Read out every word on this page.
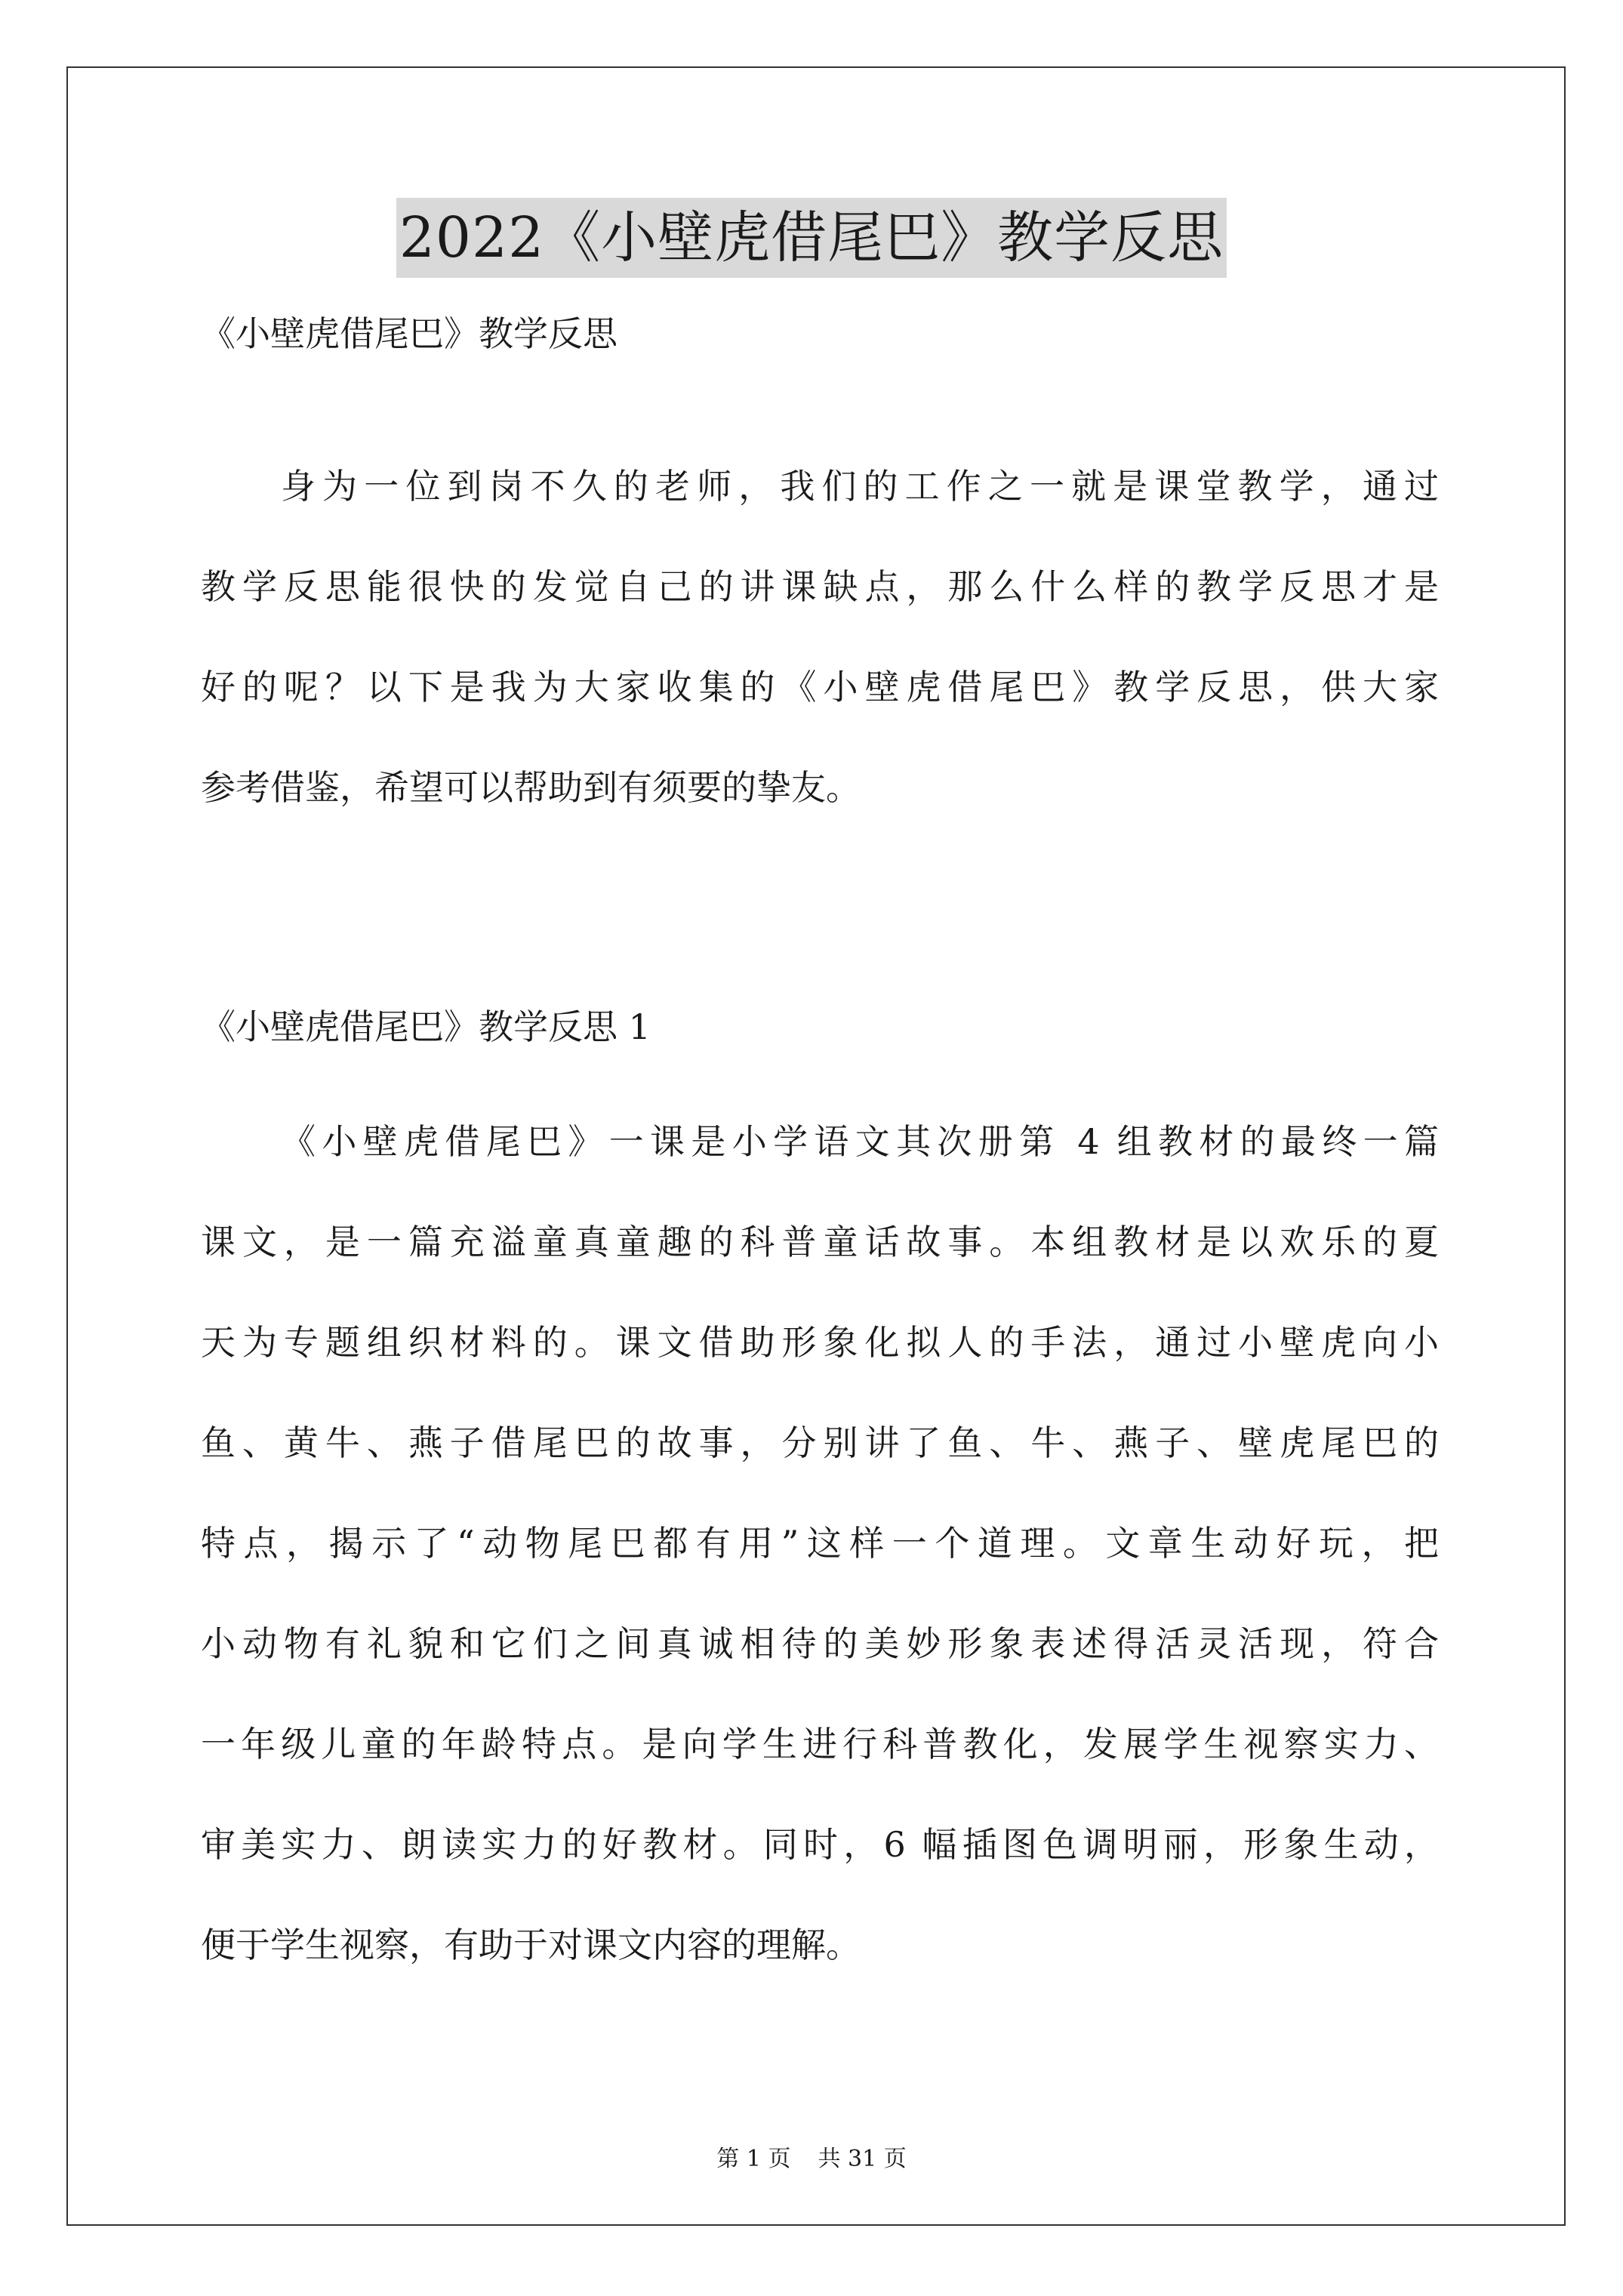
2022《小壁虎借尾巴》教学反思

《小壁虎借尾巴》教学反思

身为一位到岗不久的老师，我们的工作之一就是课堂教学，通过
教学反思能很快的发觉自己的讲课缺点，那么什么样的教学反思才是
好的呢？以下是我为大家收集的《小壁虎借尾巴》教学反思，供大家
参考借鉴，希望可以帮助到有须要的挚友。

《小壁虎借尾巴》教学反思 1

《小壁虎借尾巴》一课是小学语文其次册第 4 组教材的最终一篇
课文，是一篇充溢童真童趣的科普童话故事。本组教材是以欢乐的夏
天为专题组织材料的。课文借助形象化拟人的手法，通过小壁虎向小
鱼、黄牛、燕子借尾巴的故事，分别讲了鱼、牛、燕子、壁虎尾巴的
特点，揭示了“动物尾巴都有用”这样一个道理。文章生动好玩，把
小动物有礼貌和它们之间真诚相待的美妙形象表述得活灵活现，符合
一年级儿童的年龄特点。是向学生进行科普教化，发展学生视察实力、
审美实力、朗读实力的好教材。同时，6 幅插图色调明丽，形象生动，
便于学生视察，有助于对课文内容的理解。
第 1 页 共 31 页
